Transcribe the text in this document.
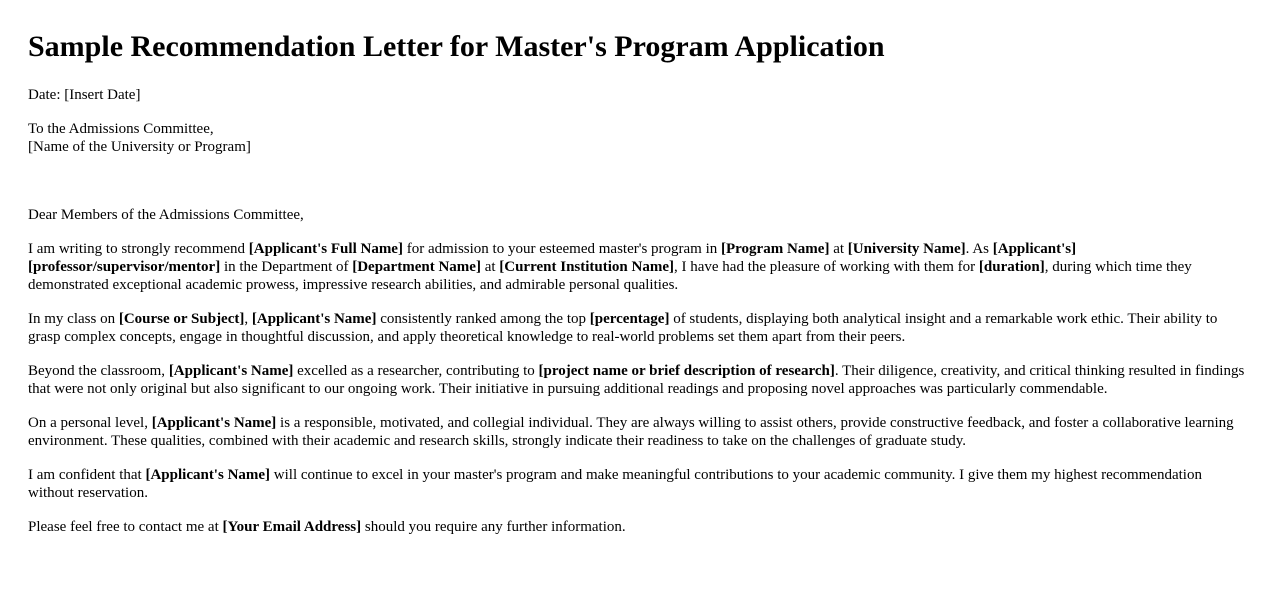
Sample Recommendation Letter for Master's Program Application
Date: [Insert Date]
To the Admissions Committee,
[Name of the University or Program]

Dear Members of the Admissions Committee,

I am writing to strongly recommend [Applicant's Full Name] for admission to your esteemed master's program in [Program Name] at [University Name]. As [Applicant's] [professor/supervisor/mentor] in the Department of [Department Name] at [Current Institution Name], I have had the pleasure of working with them for [duration], during which time they demonstrated exceptional academic prowess, impressive research abilities, and admirable personal qualities.

In my class on [Course or Subject], [Applicant's Name] consistently ranked among the top [percentage] of students, displaying both analytical insight and a remarkable work ethic. Their ability to grasp complex concepts, engage in thoughtful discussion, and apply theoretical knowledge to real-world problems set them apart from their peers.

Beyond the classroom, [Applicant's Name] excelled as a researcher, contributing to [project name or brief description of research]. Their diligence, creativity, and critical thinking resulted in findings that were not only original but also significant to our ongoing work. Their initiative in pursuing additional readings and proposing novel approaches was particularly commendable.

On a personal level, [Applicant's Name] is a responsible, motivated, and collegial individual. They are always willing to assist others, provide constructive feedback, and foster a collaborative learning environment. These qualities, combined with their academic and research skills, strongly indicate their readiness to take on the challenges of graduate study.

I am confident that [Applicant's Name] will continue to excel in your master's program and make meaningful contributions to your academic community. I give them my highest recommendation without reservation.

Please feel free to contact me at [Your Email Address] should you require any further information.
